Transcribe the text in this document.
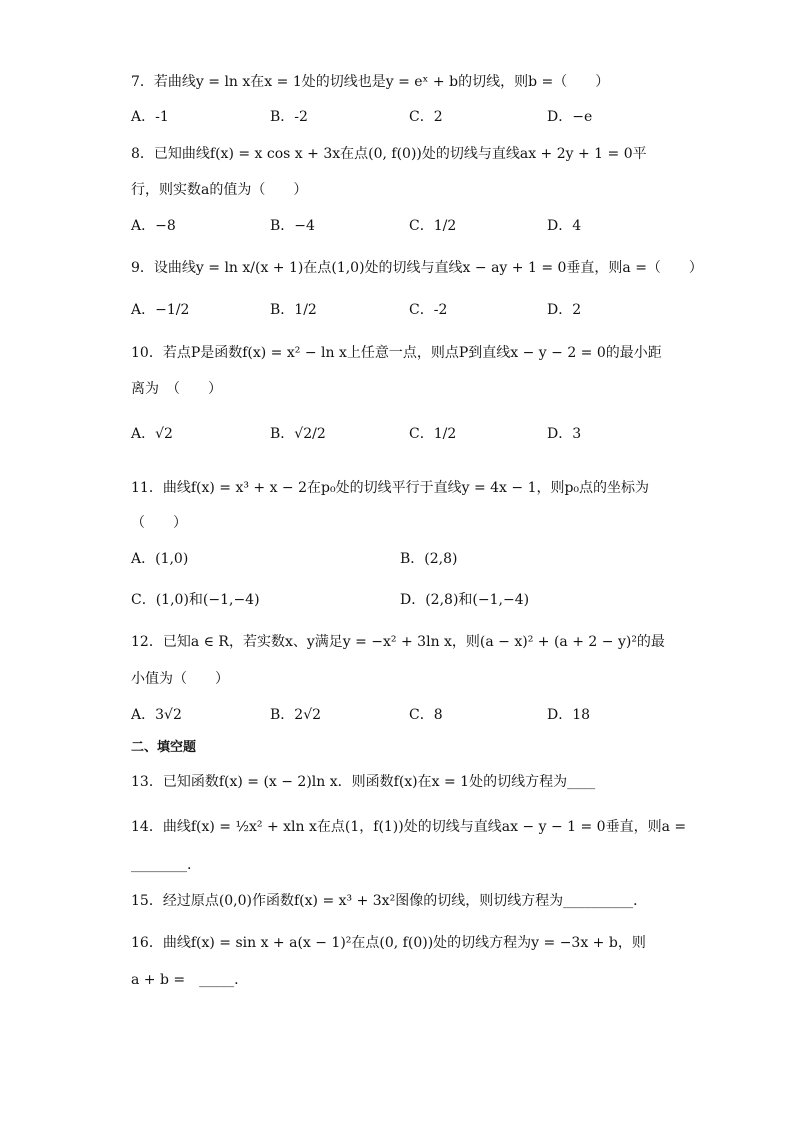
7．若曲线y = ln x在x = 1处的切线也是y = eˣ + b的切线，则b =（　　）
A．-1	B．-2	C．2	D．−e
8．已知曲线f(x) = x cos x + 3x在点(0, f(0))处的切线与直线ax + 2y + 1 = 0平
行，则实数a的值为（　　）
A．−8	B．−4	C．1/2	D．4
9．设曲线y = ln x/(x + 1)在点(1,0)处的切线与直线x − ay + 1 = 0垂直，则a =（　　）
A．−1/2	B．1/2	C．-2	D．2
10．若点P是函数f(x) = x² − ln x上任意一点，则点P到直线x − y − 2 = 0的最小距
离为　（　　）
A．√2	B．√2/2	C．1/2	D．3
11．曲线f(x) = x³ + x − 2在p₀处的切线平行于直线y = 4x − 1，则p₀点的坐标为
（　　）
A．(1,0)	B．(2,8)
C．(1,0)和(−1,−4)	D．(2,8)和(−1,−4)
12．已知a ∈ R，若实数x、y满足y = −x² + 3ln x，则(a − x)² + (a + 2 − y)²的最
小值为（　　）
A．3√2	B．2√2	C．8	D．18
二、填空题
13．已知函数f(x) = (x − 2)ln x．则函数f(x)在x = 1处的切线方程为____
14．曲线f(x) = ½x² + xln x在点(1，f(1))处的切线与直线ax − y − 1 = 0垂直，则a =
________.
15．经过原点(0,0)作函数f(x) = x³ + 3x²图像的切线，则切线方程为__________．
16．曲线f(x) = sin x + a(x − 1)²在点(0, f(0))处的切线方程为y = −3x + b，则
a + b =　_____.
